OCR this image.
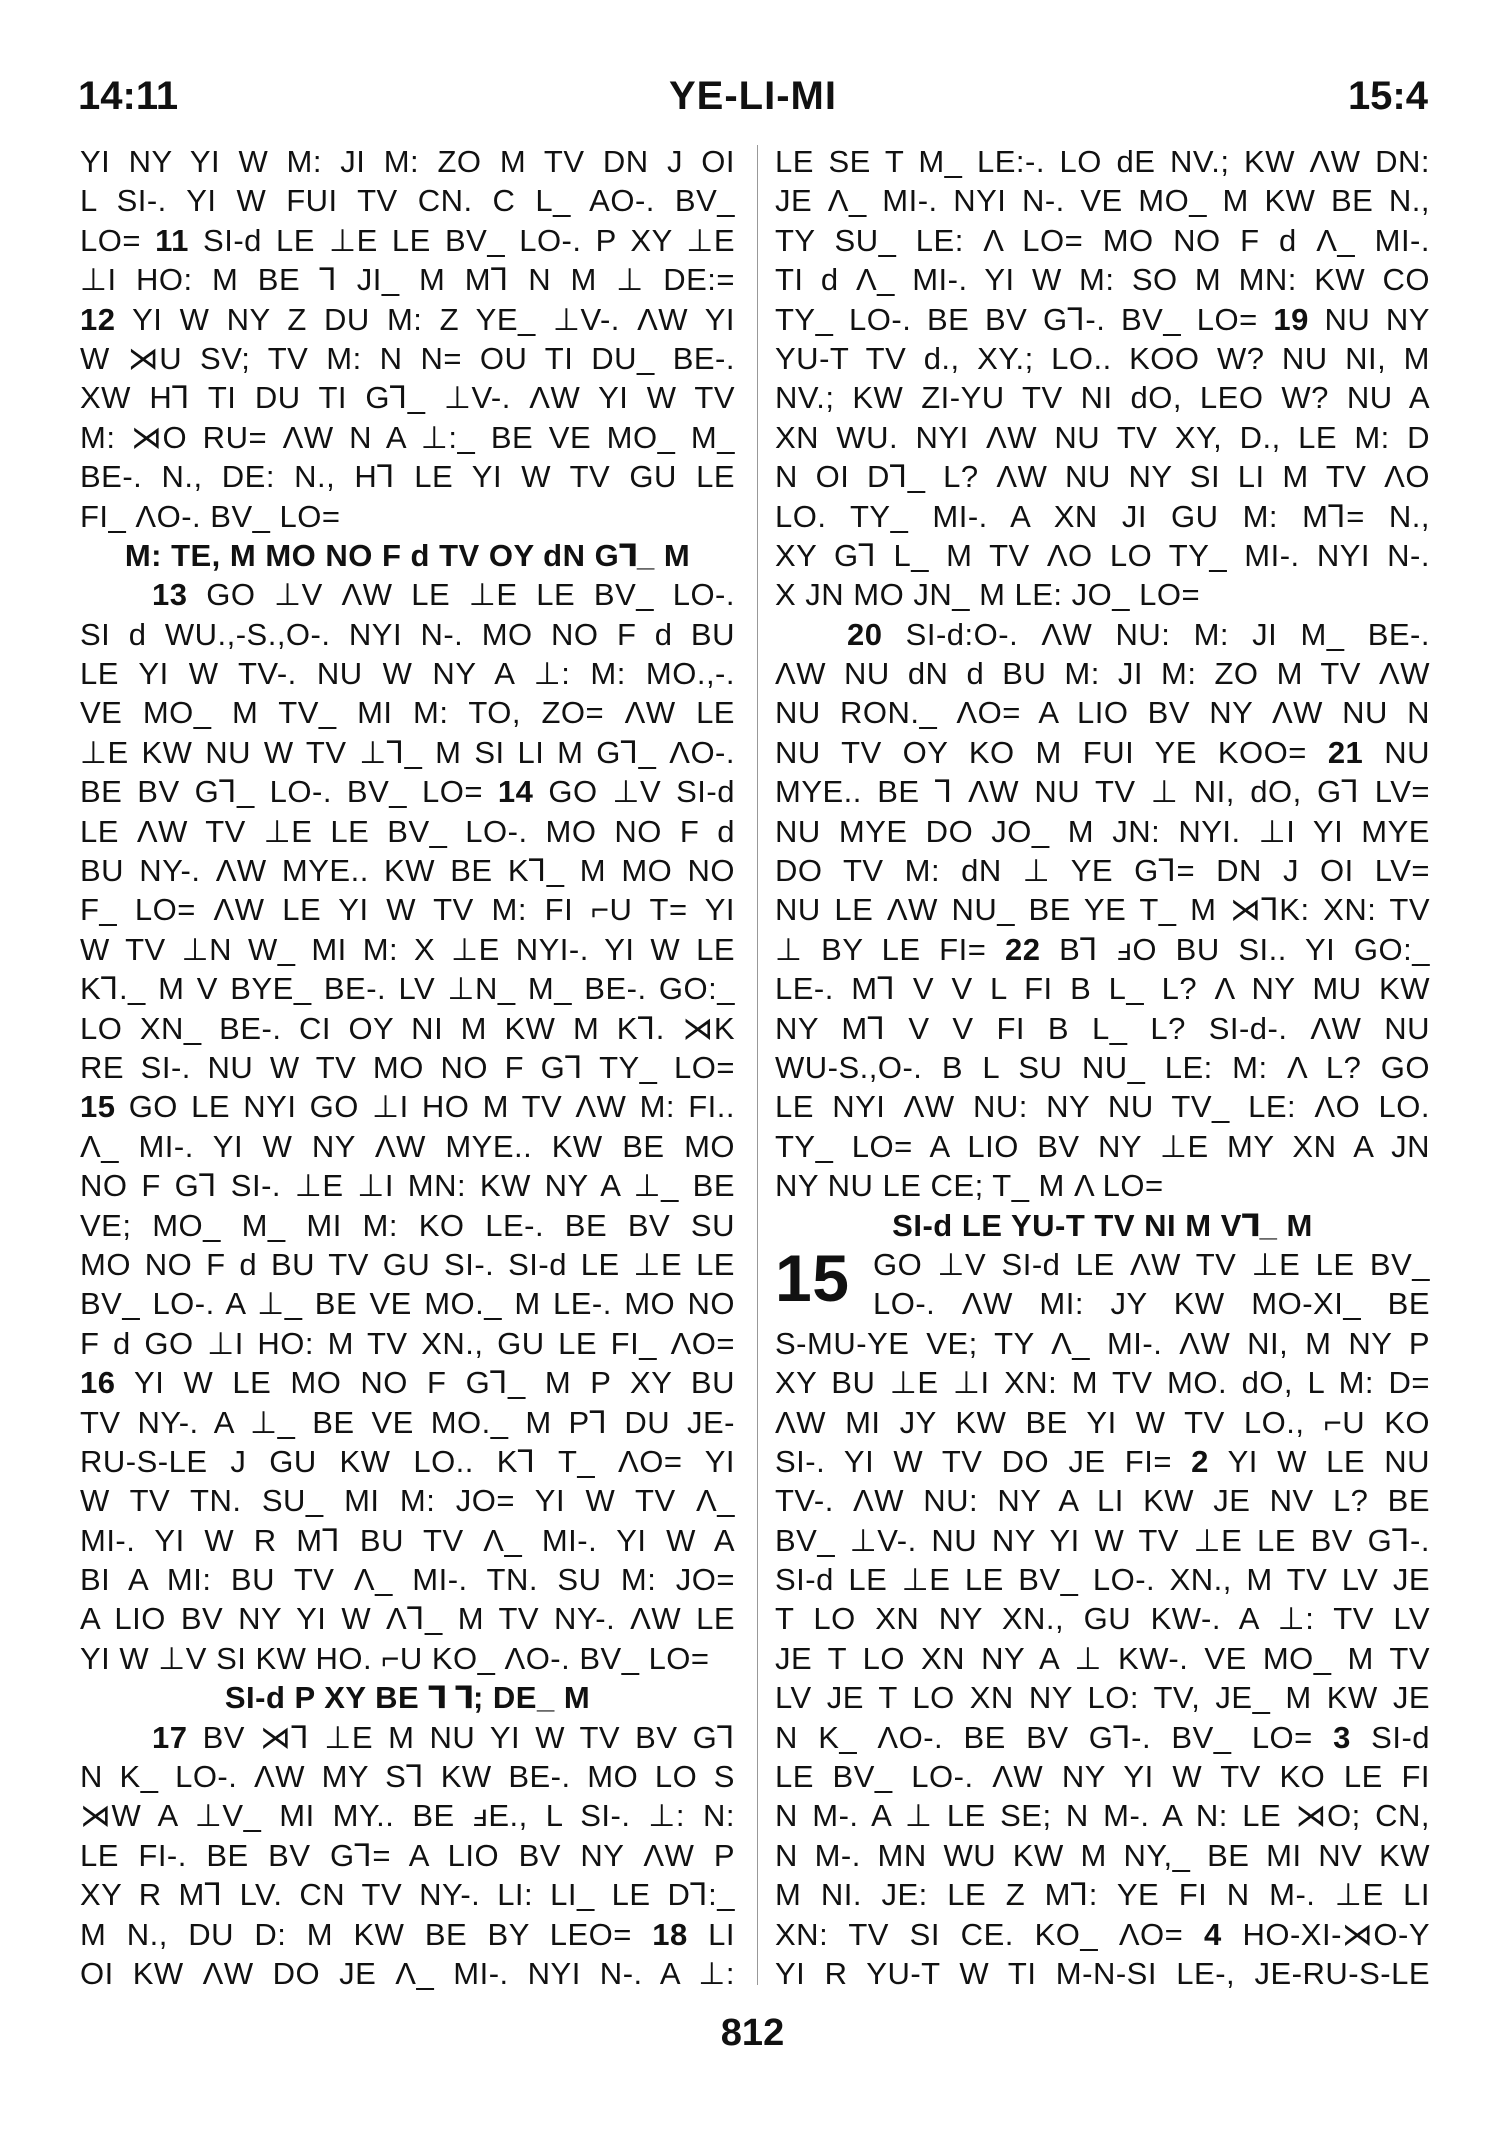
14:11	YE-LI-MI	15:4
YI NY YI W M: JI M: ZO M TV DN J OI
L SI-. YI W FUI TV CN. C L_ AO-. BV_
LO= 11 SI-d LE ⊥E LE BV_ LO-. P XY ⊥E
⊥I HO: M BE ⅂ JI_ M M⅂ N M ⊥ DE:=
12 YI W NY Z DU M: Z YE_ ⊥V-. ΛW YI
W ⋊U SV; TV M: N N= OU TI DU_ BE-.
XW H⅂ TI DU TI G⅂_ ⊥V-. ΛW YI W TV
M: ⋊O RU= ΛW N A ⊥:_ BE VE MO_ M_
BE-. N., DE: N., H⅂ LE YI W TV GU LE
FI_ ΛO-. BV_ LO=
M: TE, M MO NO F d TV OY dN G⅂_ M
13 GO ⊥V ΛW LE ⊥E LE BV_ LO-.
SI d WU.,-S.,O-. NYI N-. MO NO F d BU
LE YI W TV-. NU W NY A ⊥: M: MO.,-.
VE MO_ M TV_ MI M: TO, ZO= ΛW LE
⊥E KW NU W TV ⊥⅂_ M SI LI M G⅂_ ΛO-.
BE BV G⅂_ LO-. BV_ LO= 14 GO ⊥V SI-d
LE ΛW TV ⊥E LE BV_ LO-. MO NO F d
BU NY-. ΛW MYE.. KW BE K⅂_ M MO NO
F_ LO= ΛW LE YI W TV M: FI ⌐U T= YI
W TV ⊥N W_ MI M: X ⊥E NYI-. YI W LE
K⅂._ M V BYE_ BE-. LV ⊥N_ M_ BE-. GO:_
LO XN_ BE-. CI OY NI M KW M K⅂. ⋊K
RE SI-. NU W TV MO NO F G⅂ TY_ LO=
15 GO LE NYI GO ⊥I HO M TV ΛW M: FI..
Λ_ MI-. YI W NY ΛW MYE.. KW BE MO
NO F G⅂ SI-. ⊥E ⊥I MN: KW NY A ⊥_ BE
VE; MO_ M_ MI M: KO LE-. BE BV SU
MO NO F d BU TV GU SI-. SI-d LE ⊥E LE
BV_ LO-. A ⊥_ BE VE MO._ M LE-. MO NO
F d GO ⊥I HO: M TV XN., GU LE FI_ ΛO=
16 YI W LE MO NO F G⅂_ M P XY BU
TV NY-. A ⊥_ BE VE MO._ M P⅂ DU JE-
RU-S-LE J GU KW LO.. K⅂ T_ ΛO= YI
W TV TN. SU_ MI M: JO= YI W TV Λ_
MI-. YI W R M⅂ BU TV Λ_ MI-. YI W A
BI A MI: BU TV Λ_ MI-. TN. SU M: JO=
A LIO BV NY YI W Λ⅂_ M TV NY-. ΛW LE
YI W ⊥V SI KW HO. ⌐U KO_ ΛO-. BV_ LO=
SI-d P XY BE ⅂ ⅂; DE_ M
17 BV ⋊⅂ ⊥E M NU YI W TV BV G⅂
N K_ LO-. ΛW MY S⅂ KW BE-. MO LO S
⋊W A ⊥V_ MI MY.. BE ⅎE., L SI-. ⊥: N:
LE FI-. BE BV G⅂= A LIO BV NY ΛW P
XY R M⅂ LV. CN TV NY-. LI: LI_ LE D⅂:_
M N., DU D: M KW BE BY LEO= 18 LI
OI KW ΛW DO JE Λ_ MI-. NYI N-. A ⊥:
LE SE T M_ LE:-. LO dE NV.; KW ΛW DN:
JE Λ_ MI-. NYI N-. VE MO_ M KW BE N.,
TY SU_ LE: Λ LO= MO NO F d Λ_ MI-.
TI d Λ_ MI-. YI W M: SO M MN: KW CO
TY_ LO-. BE BV G⅂-. BV_ LO= 19 NU NY
YU-T TV d., XY.; LO.. KOO W? NU NI, M
NV.; KW ZI-YU TV NI dO, LEO W? NU A
XN WU. NYI ΛW NU TV XY, D., LE M: D
N OI D⅂_ L? ΛW NU NY SI LI M TV ΛO
LO. TY_ MI-. A XN JI GU M: M⅂= N.,
XY G⅂ L_ M TV ΛO LO TY_ MI-. NYI N-.
X JN MO JN_ M LE: JO_ LO=
20 SI-d:O-. ΛW NU: M: JI M_ BE-.
ΛW NU dN d BU M: JI M: ZO M TV ΛW
NU RON._ ΛO= A LIO BV NY ΛW NU N
NU TV OY KO M FUI YE KOO= 21 NU
MYE.. BE ⅂ ΛW NU TV ⊥ NI, dO, G⅂ LV=
NU MYE DO JO_ M JN: NYI. ⊥I YI MYE
DO TV M: dN ⊥ YE G⅂= DN J OI LV=
NU LE ΛW NU_ BE YE T_ M ⋊⅂K: XN: TV
⊥ BY LE FI= 22 B⅂ ⅎO BU SI.. YI GO:_
LE-. M⅂ V V L FI B L_ L? Λ NY MU KW
NY M⅂ V V FI B L_ L? SI-d-. ΛW NU
WU-S.,O-. B L SU NU_ LE: M: Λ L? GO
LE NYI ΛW NU: NY NU TV_ LE: ΛO LO.
TY_ LO= A LIO BV NY ⊥E MY XN A JN
NY NU LE CE; T_ M Λ LO=
SI-d LE YU-T TV NI M V⅂_ M
15 GO ⊥V SI-d LE ΛW TV ⊥E LE BV_
LO-. ΛW MI: JY KW MO-XI_ BE
S-MU-YE VE; TY Λ_ MI-. ΛW NI, M NY P
XY BU ⊥E ⊥I XN: M TV MO. dO, L M: D=
ΛW MI JY KW BE YI W TV LO., ⌐U KO
SI-. YI W TV DO JE FI= 2 YI W LE NU
TV-. ΛW NU: NY A LI KW JE NV L? BE
BV_ ⊥V-. NU NY YI W TV ⊥E LE BV G⅂-.
SI-d LE ⊥E LE BV_ LO-. XN., M TV LV JE
T LO XN NY XN., GU KW-. A ⊥: TV LV
JE T LO XN NY A ⊥ KW-. VE MO_ M TV
LV JE T LO XN NY LO: TV, JE_ M KW JE
N K_ ΛO-. BE BV G⅂-. BV_ LO= 3 SI-d
LE BV_ LO-. ΛW NY YI W TV KO LE FI
N M-. A ⊥ LE SE; N M-. A N: LE ⋊O; CN,
N M-. MN WU KW M NY,_ BE MI NV KW
M NI. JE: LE Z M⅂: YE FI N M-. ⊥E LI
XN: TV SI CE. KO_ ΛO= 4 HO-XI-⋊O-Y
YI R YU-T W TI M-N-SI LE-, JE-RU-S-LE
812
